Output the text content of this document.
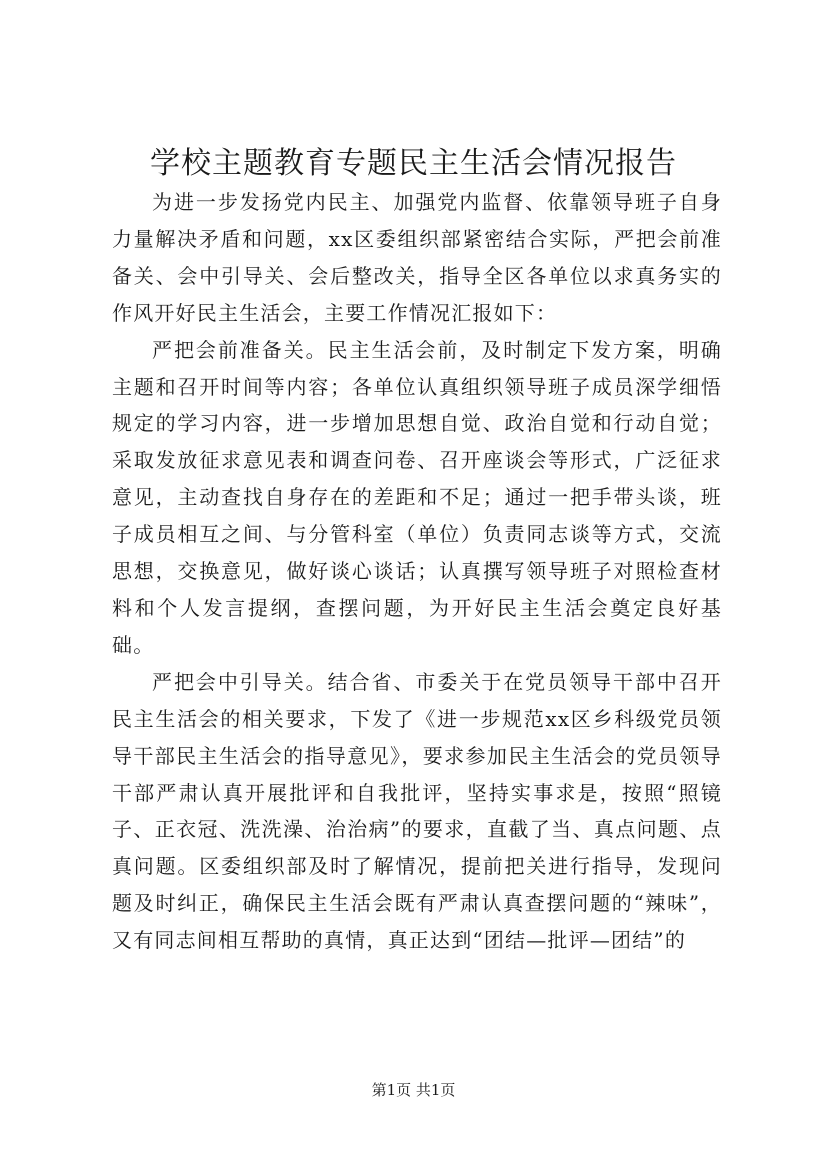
学校主题教育专题民主生活会情况报告

为进一步发扬党内民主、加强党内监督、依靠领导班子自身力量解决矛盾和问题，xx区委组织部紧密结合实际，严把会前准备关、会中引导关、会后整改关，指导全区各单位以求真务实的作风开好民主生活会，主要工作情况汇报如下：

严把会前准备关。民主生活会前，及时制定下发方案，明确主题和召开时间等内容；各单位认真组织领导班子成员深学细悟规定的学习内容，进一步增加思想自觉、政治自觉和行动自觉；采取发放征求意见表和调查问卷、召开座谈会等形式，广泛征求意见，主动查找自身存在的差距和不足；通过一把手带头谈，班子成员相互之间、与分管科室（单位）负责同志谈等方式，交流思想，交换意见，做好谈心谈话；认真撰写领导班子对照检查材料和个人发言提纲，查摆问题，为开好民主生活会奠定良好基础。

严把会中引导关。结合省、市委关于在党员领导干部中召开民主生活会的相关要求，下发了《进一步规范xx区乡科级党员领导干部民主生活会的指导意见》，要求参加民主生活会的党员领导干部严肃认真开展批评和自我批评，坚持实事求是，按照“照镜子、正衣冠、洗洗澡、治治病”的要求，直截了当、真点问题、点真问题。区委组织部及时了解情况，提前把关进行指导，发现问题及时纠正，确保民主生活会既有严肃认真查摆问题的“辣味”，又有同志间相互帮助的真情，真正达到“团结—批评—团结”的

第1页 共1页
